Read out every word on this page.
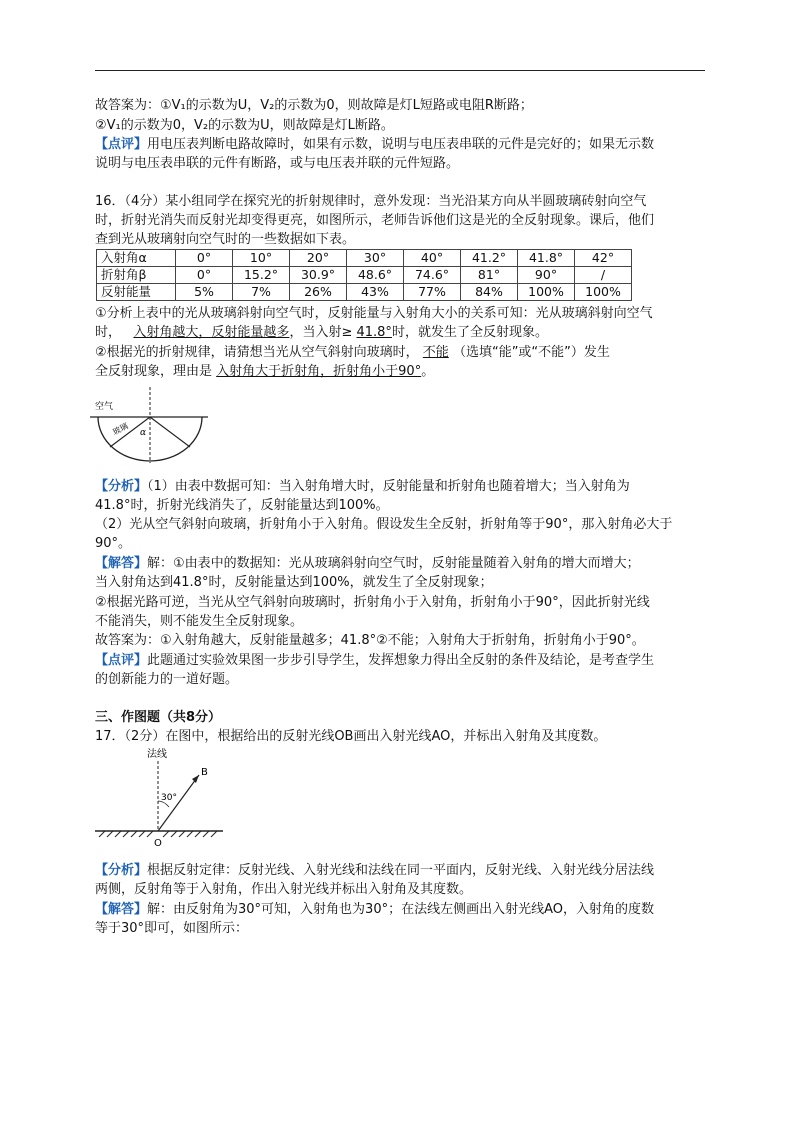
故答案为：①V₁的示数为U，V₂的示数为0，则故障是灯L短路或电阻R断路；
②V₁的示数为0，V₂的示数为U，则故障是灯L断路。
【点评】用电压表判断电路故障时，如果有示数，说明与电压表串联的元件是完好的；如果无示数
说明与电压表串联的元件有断路，或与电压表并联的元件短路。
16．（4分）某小组同学在探究光的折射规律时，意外发现：当光沿某方向从半圆玻璃砖射向空气
时，折射光消失而反射光却变得更亮，如图所示，老师告诉他们这是光的全反射现象。课后，他们
查到光从玻璃射向空气时的一些数据如下表。
入射角α	0°	10°	20°	30°	40°	41.2°	41.8°	42°
折射角β	0°	15.2°	30.9°	48.6°	74.6°	81°	90°	/
反射能量	5%	7%	26%	43%	77%	84%	100%	100%
①分析上表中的光从玻璃斜射向空气时，反射能量与入射角大小的关系可知：光从玻璃斜射向空气
时， 入射角越大，反射能量越多，当入射≥ 41.8°时，就发生了全反射现象。
②根据光的折射规律，请猜想当光从空气斜射向玻璃时， 不能 （选填“能”或“不能”）发生
全反射现象，理由是 入射角大于折射角，折射角小于90°。
空气
玻璃 α
【分析】（1）由表中数据可知：当入射角增大时，反射能量和折射角也随着增大；当入射角为
41.8°时，折射光线消失了，反射能量达到100%。
（2）光从空气斜射向玻璃，折射角小于入射角。假设发生全反射，折射角等于90°，那入射角必大于
90°。
【解答】解：①由表中的数据知：光从玻璃斜射向空气时，反射能量随着入射角的增大而增大；
当入射角达到41.8°时，反射能量达到100%，就发生了全反射现象；
②根据光路可逆，当光从空气斜射向玻璃时，折射角小于入射角，折射角小于90°，因此折射光线
不能消失，则不能发生全反射现象。
故答案为：①入射角越大，反射能量越多；41.8°②不能；入射角大于折射角，折射角小于90°。
【点评】此题通过实验效果图一步步引导学生，发挥想象力得出全反射的条件及结论，是考查学生
的创新能力的一道好题。
三、作图题（共8分）
17．（2分）在图中，根据给出的反射光线OB画出入射光线AO，并标出入射角及其度数。
法线
30°
B
O
【分析】根据反射定律：反射光线、入射光线和法线在同一平面内，反射光线、入射光线分居法线
两侧，反射角等于入射角，作出入射光线并标出入射角及其度数。
【解答】解：由反射角为30°可知，入射角也为30°；在法线左侧画出入射光线AO，入射角的度数
等于30°即可，如图所示：
